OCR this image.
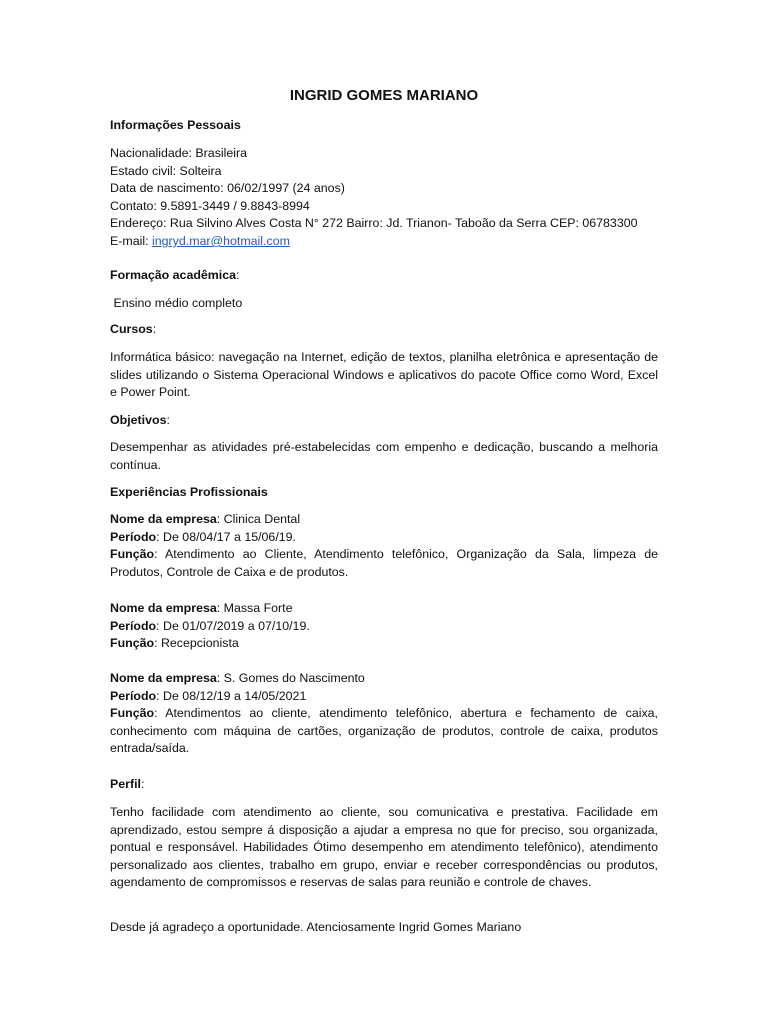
INGRID GOMES MARIANO
Informações Pessoais
Nacionalidade: Brasileira
Estado civil: Solteira
Data de nascimento: 06/02/1997 (24 anos)
Contato: 9.5891-3449 / 9.8843-8994
Endereço: Rua Silvino Alves Costa N° 272 Bairro: Jd. Trianon- Taboão da Serra CEP: 06783300
E-mail: ingryd.mar@hotmail.com
Formação acadêmica:
Ensino médio completo
Cursos:
Informática básico: navegação na Internet, edição de textos, planilha eletrônica e apresentação de slides utilizando o Sistema Operacional Windows e aplicativos do pacote Office como Word, Excel e Power Point.
Objetivos:
Desempenhar as atividades pré-estabelecidas com empenho e dedicação, buscando a melhoria contínua.
Experiências Profissionais
Nome da empresa: Clinica Dental
Período: De 08/04/17 a 15/06/19.
Função: Atendimento ao Cliente, Atendimento telefônico, Organização da Sala, limpeza de Produtos, Controle de Caixa e de produtos.
Nome da empresa: Massa Forte
Período: De 01/07/2019 a 07/10/19.
Função: Recepcionista
Nome da empresa: S. Gomes do Nascimento
Período: De 08/12/19 a 14/05/2021
Função: Atendimentos ao cliente, atendimento telefônico, abertura e fechamento de caixa, conhecimento com máquina de cartões, organização de produtos, controle de caixa, produtos entrada/saída.
Perfil:
Tenho facilidade com atendimento ao cliente, sou comunicativa e prestativa. Facilidade em aprendizado, estou sempre á disposição a ajudar a empresa no que for preciso, sou organizada, pontual e responsável. Habilidades Ótimo desempenho em atendimento telefônico), atendimento personalizado aos clientes, trabalho em grupo, enviar e receber correspondências ou produtos, agendamento de compromissos e reservas de salas para reunião e controle de chaves.
Desde já agradeço a oportunidade. Atenciosamente Ingrid Gomes Mariano
